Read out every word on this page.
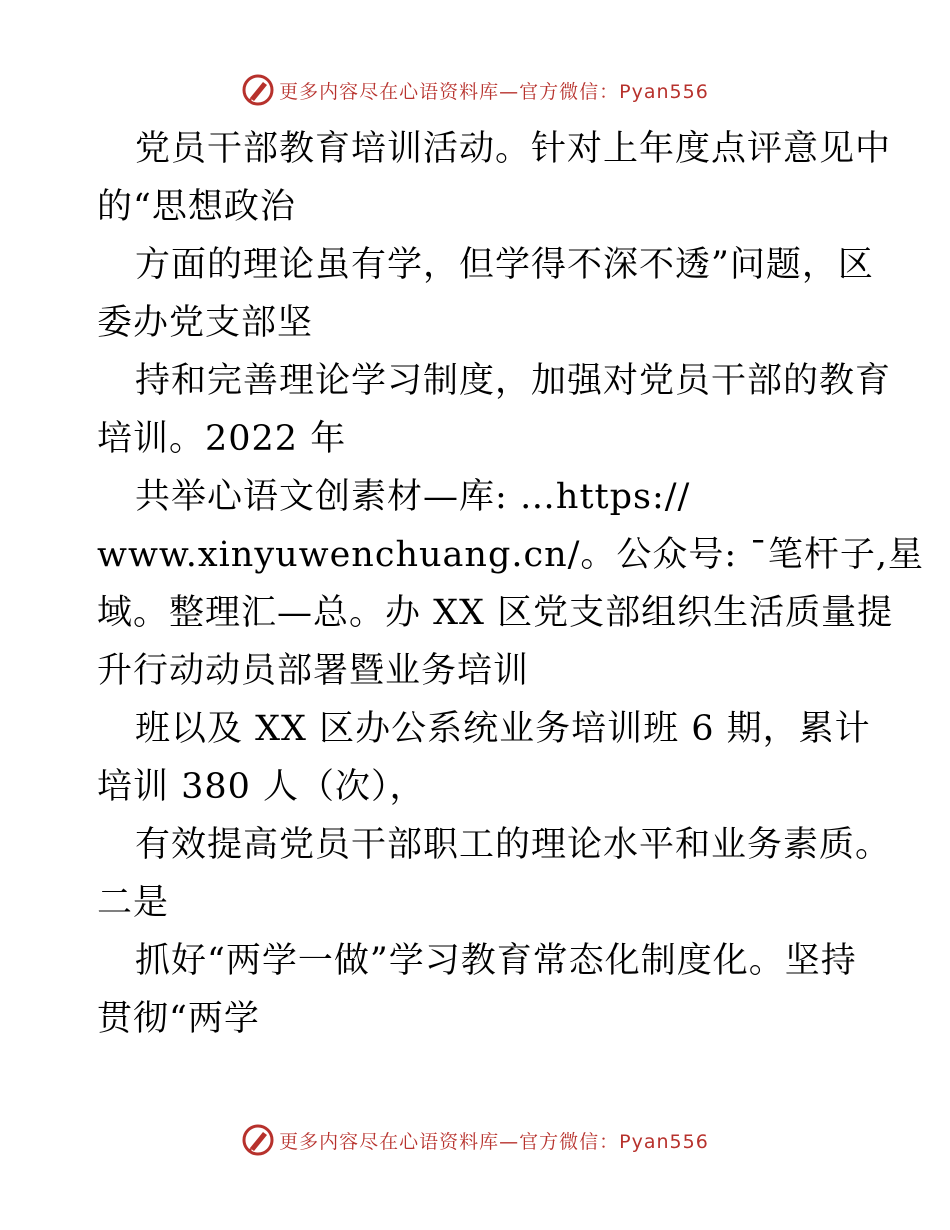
更多内容尽在心语资料库—官方微信：Pyan556
党员干部教育培训活动。针对上年度点评意见中
的“思想政治
方面的理论虽有学，但学得不深不透”问题，区
委办党支部坚
持和完善理论学习制度，加强对党员干部的教育
培训。2022 年
共举心语文创素材—库: …https://
www.xinyuwenchuang.cn/。公众号: ¯笔杆子,星
域。整理汇—总。办 XX 区党支部组织生活质量提
升行动动员部署暨业务培训
班以及 XX 区办公系统业务培训班 6 期，累计
培训 380 人（次），
有效提高党员干部职工的理论水平和业务素质。
二是
抓好“两学一做”学习教育常态化制度化。坚持
贯彻“两学
更多内容尽在心语资料库—官方微信：Pyan556
